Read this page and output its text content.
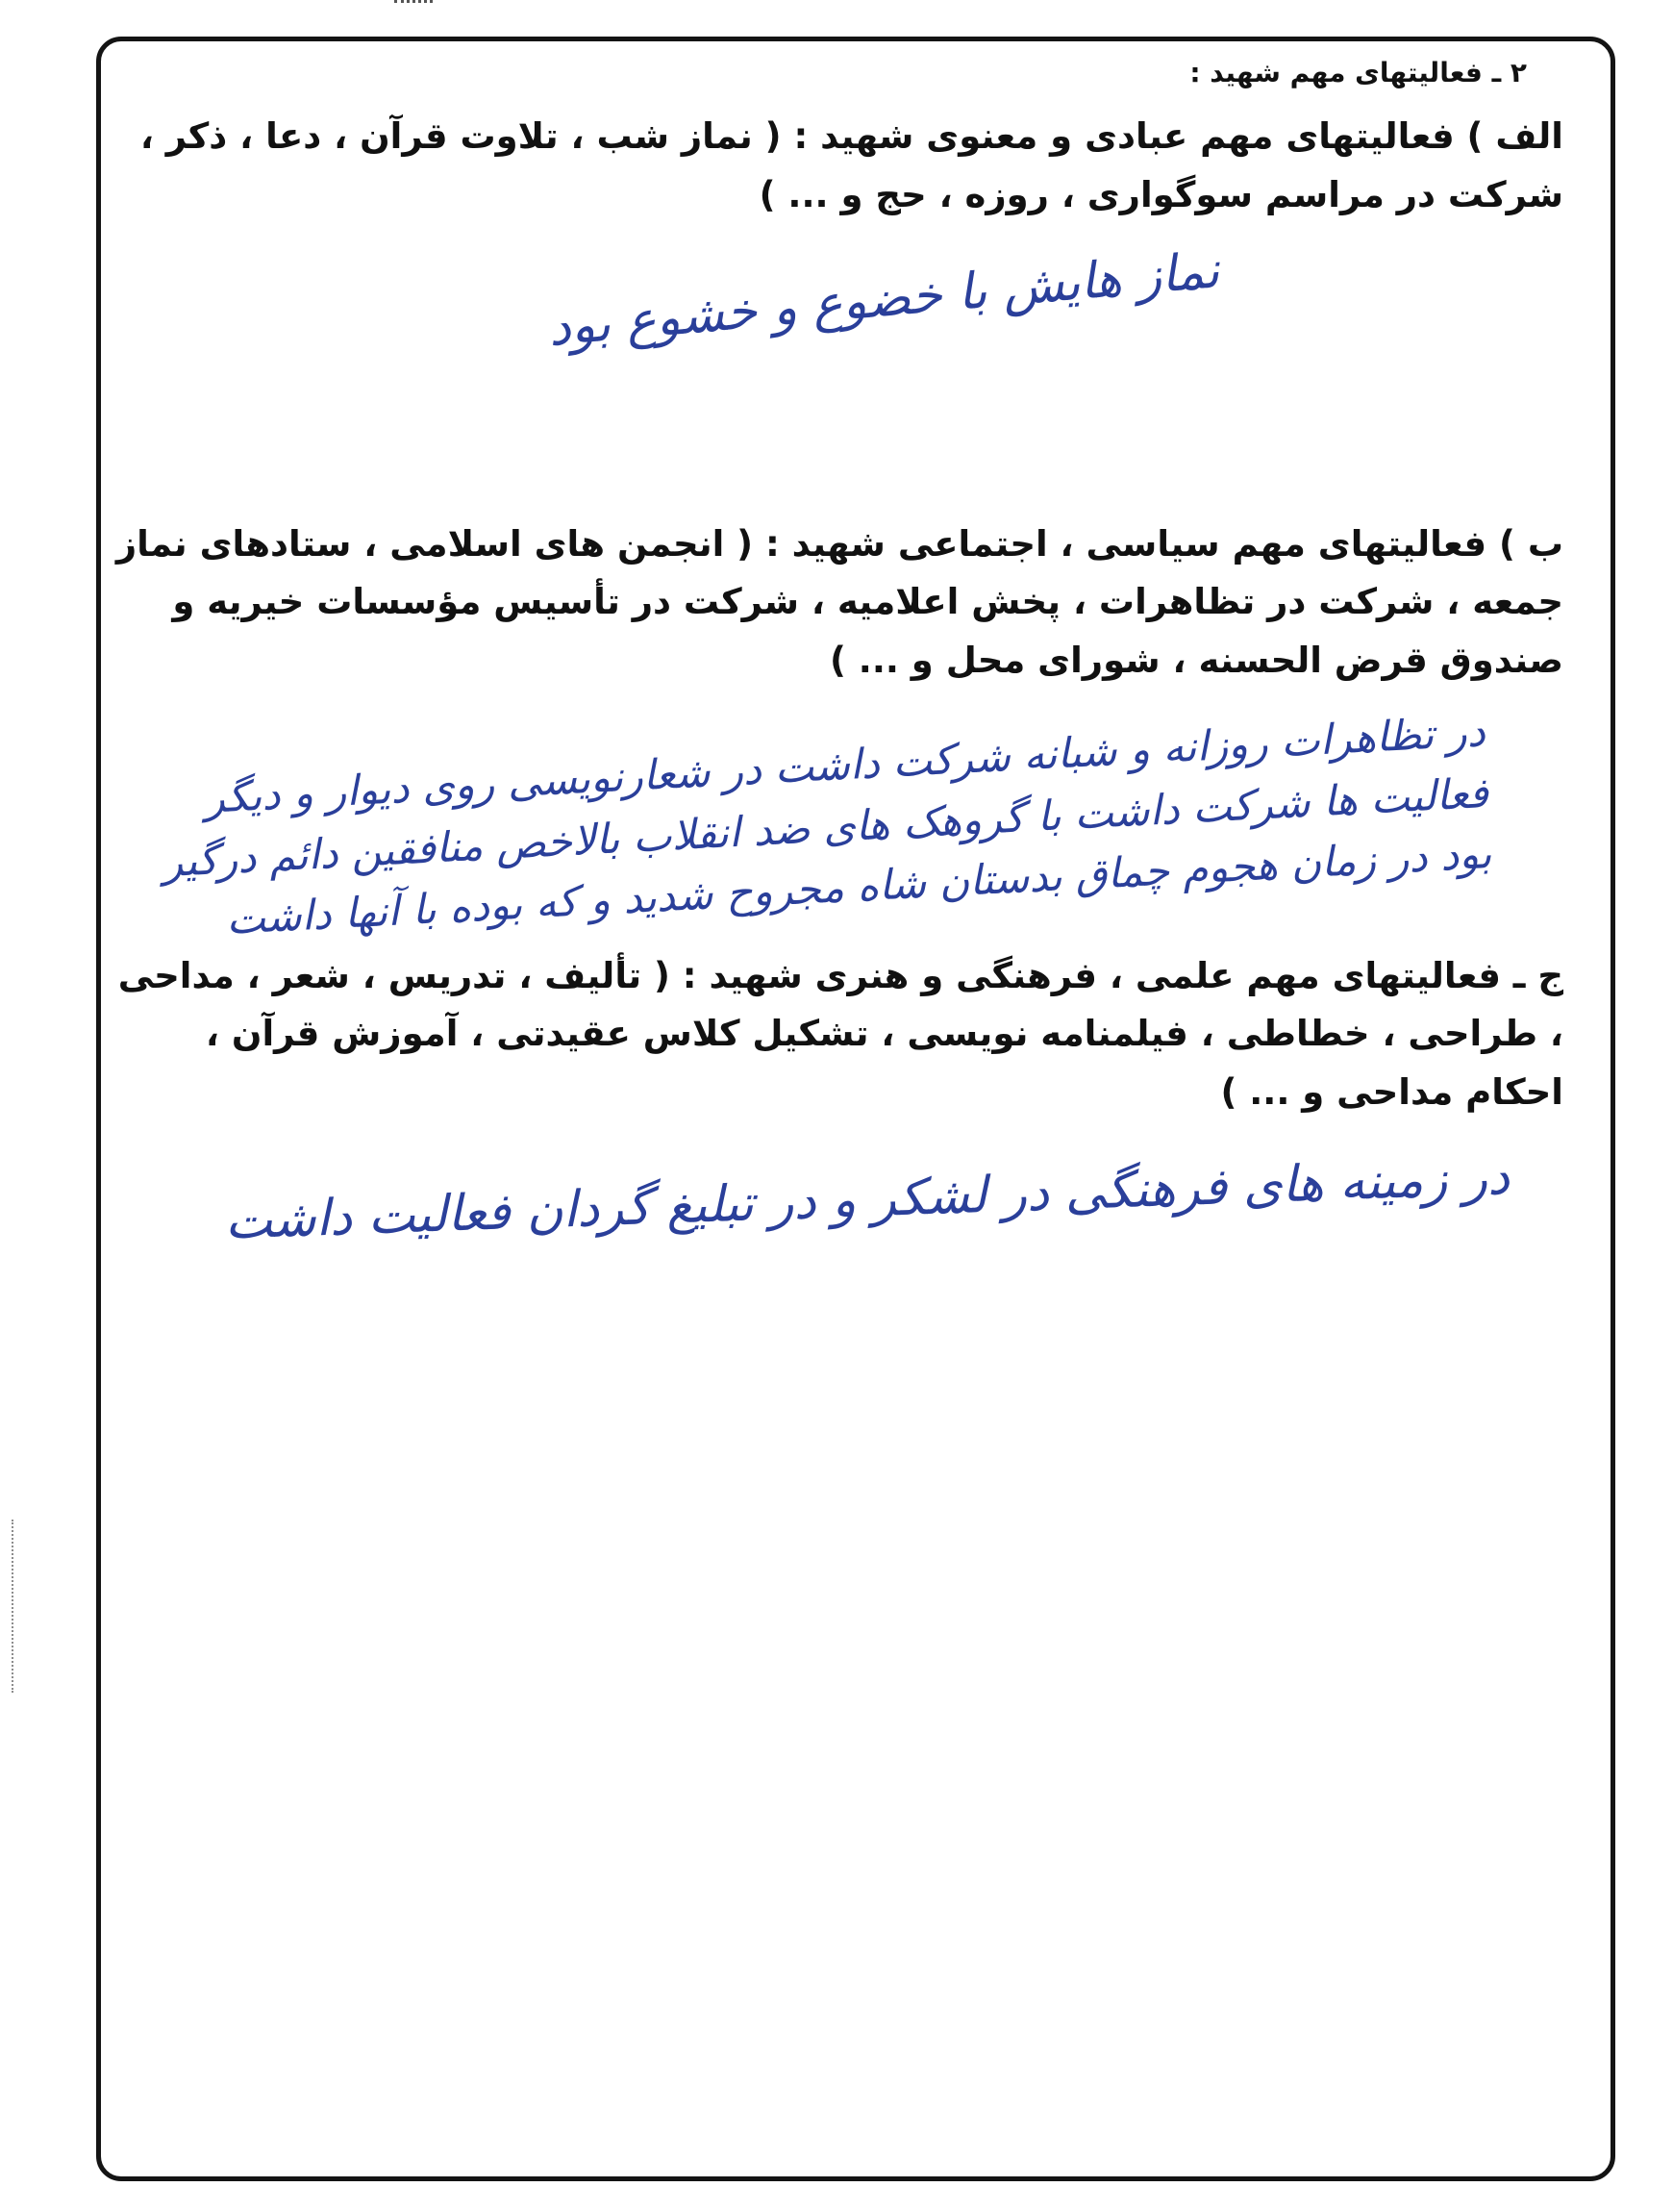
۲ ـ فعالیتهای مهم شهید :

الف ) فعالیتهای مهم عبادی و معنوی شهید : ( نماز شب ، تلاوت قرآن ، دعا ، ذکر ، شرکت در مراسم سوگواری ، روزه ، حج و ... )

نماز هایش با خضوع و خشوع بود

ب ) فعالیتهای مهم سیاسی ، اجتماعی شهید : ( انجمن های اسلامی ، ستادهای نماز جمعه ، شرکت در تظاهرات ، پخش اعلامیه ، شرکت در تأسیس مؤسسات خیریه و صندوق قرض الحسنه ، شورای محل و ... )

در تظاهرات روزانه و شبانه شرکت داشت در شعارنویسی روی دیوار و دیگر فعالیت ها شرکت داشت با گروهک های ضد انقلاب بالاخص منافقین دائم درگیر بود در زمان هجوم چماق بدستان شاه مجروح شدید و که بوده با آنها داشت

ج ـ فعالیتهای مهم علمی ، فرهنگی و هنری شهید : ( تألیف ، تدریس ، شعر ، مداحی ، طراحی ، خطاطی ، فیلمنامه نویسی ، تشکیل کلاس عقیدتی ، آموزش قرآن ، احکام مداحی و ... )

در زمینه های فرهنگی در لشکر و در تبلیغ گردان فعالیت داشت
